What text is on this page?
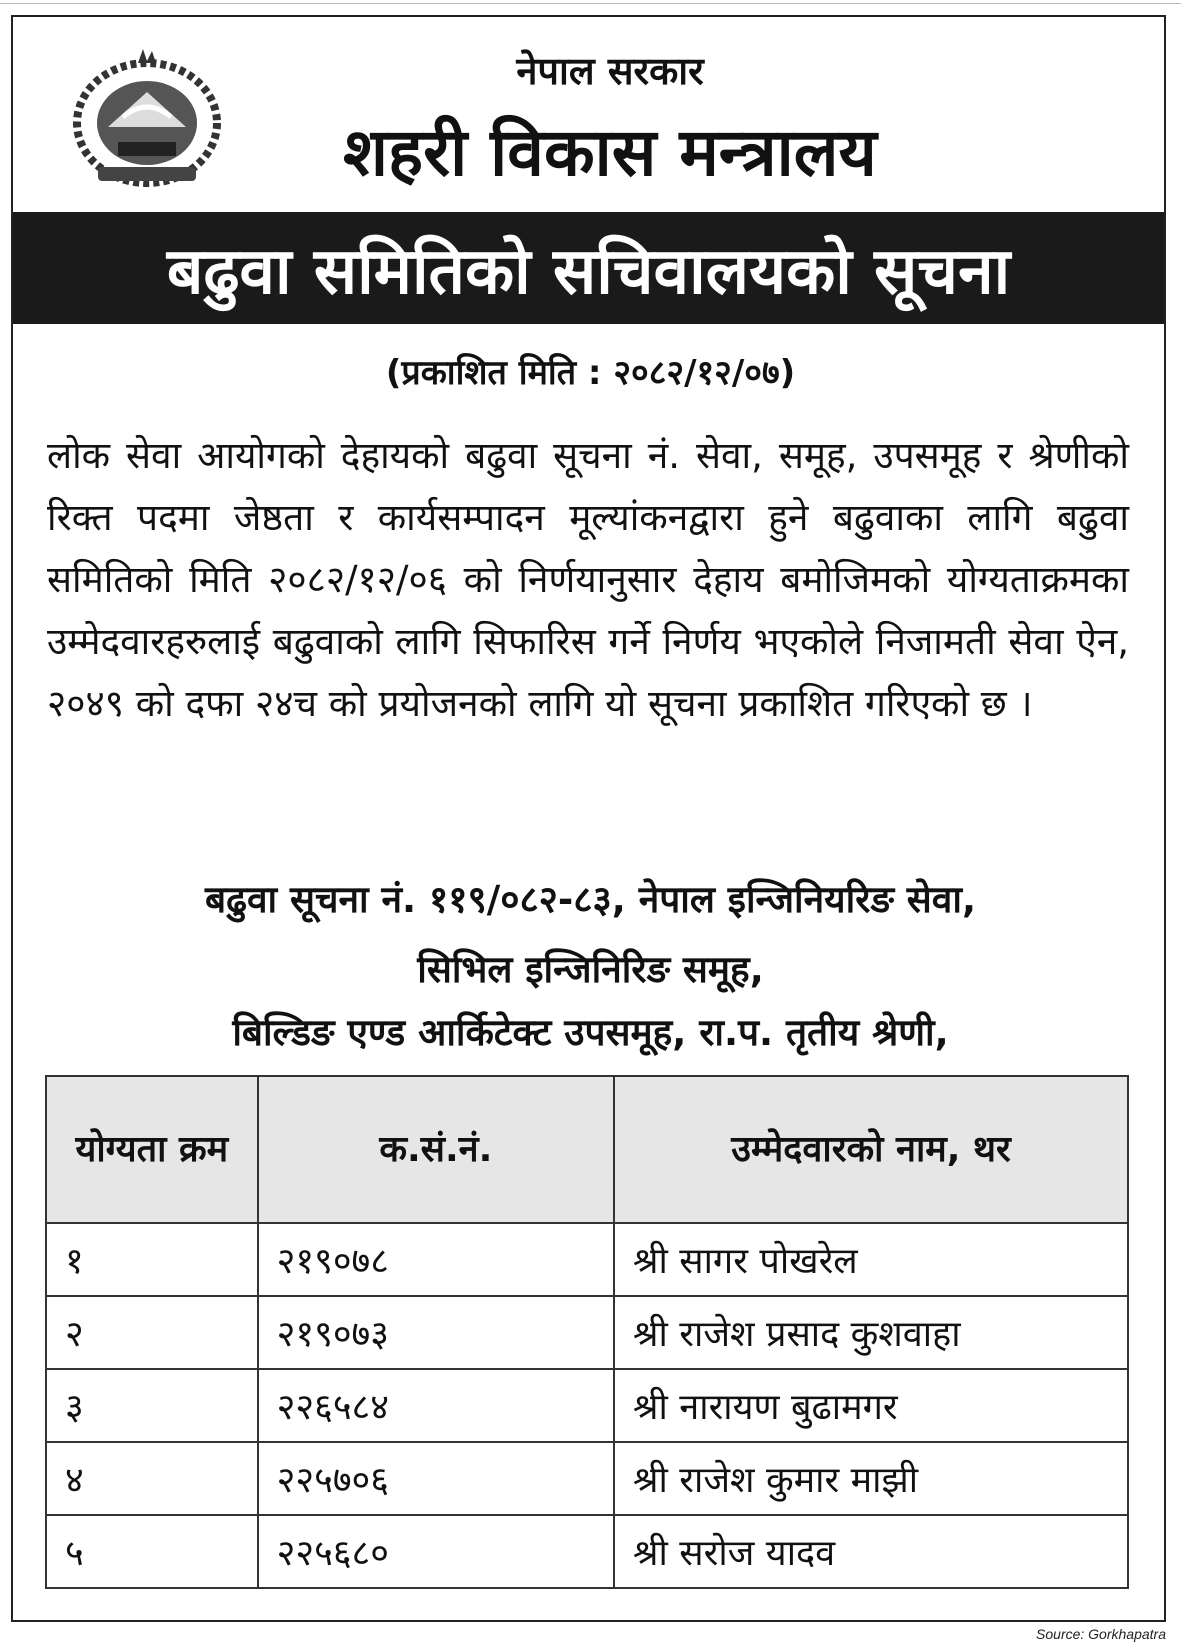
नेपाल सरकार
शहरी विकास मन्त्रालय
बढुवा समितिको सचिवालयको सूचना
(प्रकाशित मिति : २०८२/१२/०७)
लोक सेवा आयोगको देहायको बढुवा सूचना नं. सेवा, समूह, उपसमूह र श्रेणीको रिक्त पदमा जेष्ठता र कार्यसम्पादन मूल्यांकनद्वारा हुने बढुवाका लागि बढुवा समितिको मिति २०८२/१२/०६ को निर्णयानुसार देहाय बमोजिमको योग्यताक्रमका उम्मेदवारहरुलाई बढुवाको लागि सिफारिस गर्ने निर्णय भएकोले निजामती सेवा ऐन, २०४९ को दफा २४च को प्रयोजनको लागि यो सूचना प्रकाशित गरिएको छ ।
बढुवा सूचना नं. ११९/०८२-८३, नेपाल इन्जिनियरिङ सेवा,
सिभिल इन्जिनिरिङ समूह,
बिल्डिङ एण्ड आर्किटेक्ट उपसमूह, रा.प. तृतीय श्रेणी,
योग्यता क्रम	क.सं.नं.	उम्मेदवारको नाम, थर
१	२१९०७८	श्री सागर पोखरेल
२	२१९०७३	श्री राजेश प्रसाद कुशवाहा
३	२२६५८४	श्री नारायण बुढामगर
४	२२५७०६	श्री राजेश कुमार माझी
५	२२५६८०	श्री सरोज यादव
Source: Gorkhapatra
